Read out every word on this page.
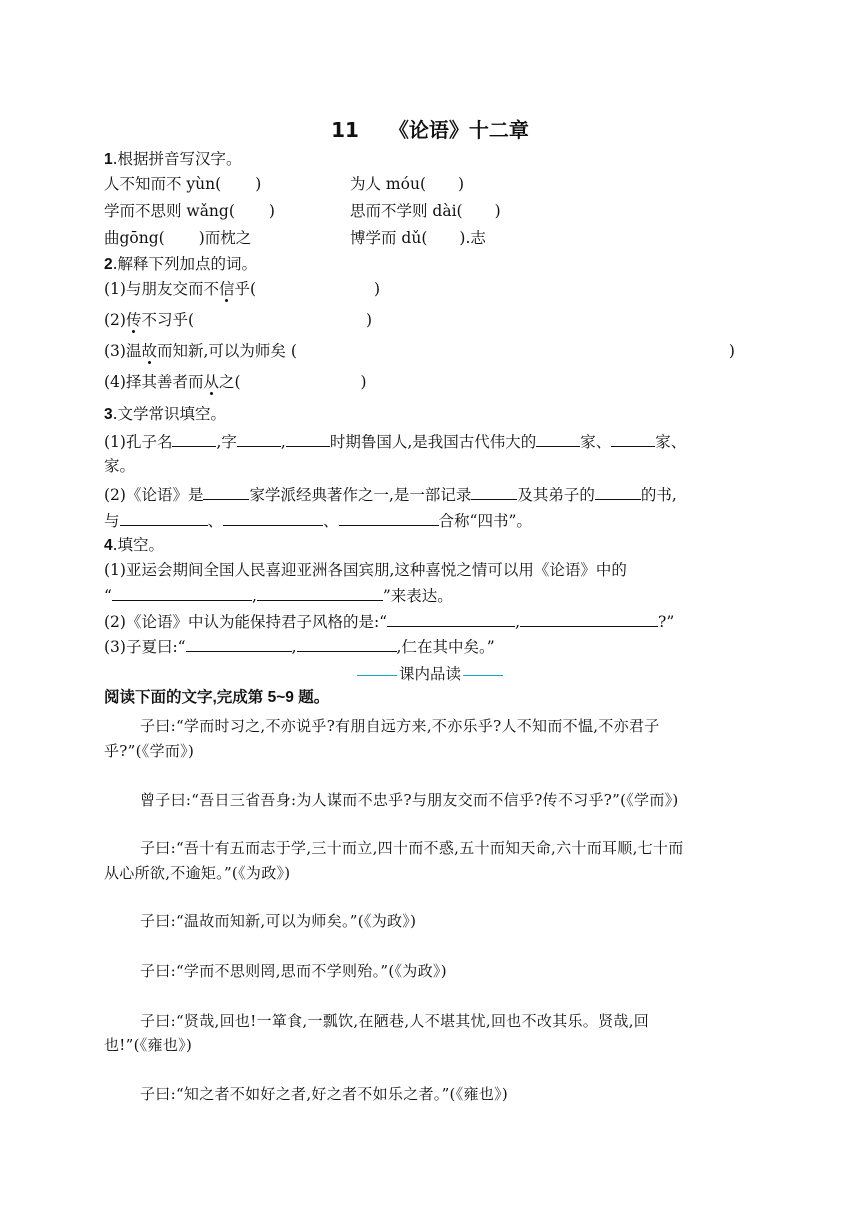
11 《论语》十二章
1.根据拼音写汉字。
人不知而不 yùn( )	为人 móu( )
学而不思则 wǎng( )	思而不学则 dài( )
曲gōng( )而枕之	博学而 dǔ( ).志
2.解释下列加点的词。
(1)与朋友交而不信乎(	)
(2)传不习乎(	)
(3)温故而知新,可以为师矣 (	)
(4)择其善者而从之(	)
3.文学常识填空。
(1)孔子名	,字	,	时期鲁国人,是我国古代伟大的	家、	家、
家。
(2)《论语》是	家学派经典著作之一,是一部记录	及其弟子的	的书,
与	、	、	合称“四书”。
4.填空。
(1)亚运会期间全国人民喜迎亚洲各国宾朋,这种喜悦之情可以用《论语》中的
“	,	”来表达。
(2)《论语》中认为能保持君子风格的是:“	,	?”
(3)子夏曰:“	,	,仁在其中矣。”
课内品读
阅读下面的文字,完成第 5~9 题。
子曰:“学而时习之,不亦说乎?有朋自远方来,不亦乐乎?人不知而不愠,不亦君子
乎?”(《学而》)
曾子曰:“吾日三省吾身:为人谋而不忠乎?与朋友交而不信乎?传不习乎?”(《学而》)
子曰:“吾十有五而志于学,三十而立,四十而不惑,五十而知天命,六十而耳顺,七十而
从心所欲,不逾矩。”(《为政》)
子曰:“温故而知新,可以为师矣。”(《为政》)
子曰:“学而不思则罔,思而不学则殆。”(《为政》)
子曰:“贤哉,回也!一箪食,一瓢饮,在陋巷,人不堪其忧,回也不改其乐。贤哉,回
也!”(《雍也》)
子曰:“知之者不如好之者,好之者不如乐之者。”(《雍也》)
